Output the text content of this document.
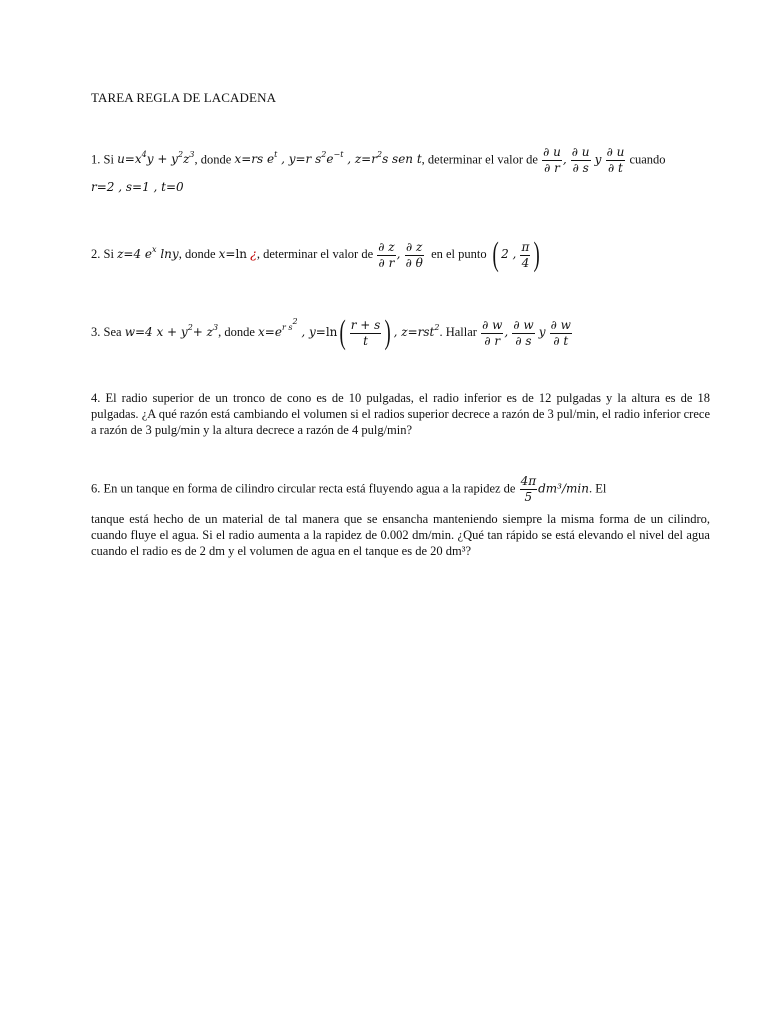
TAREA REGLA DE LACADENA
1. Si $u=x^4y + y^2z^3$, donde x=rs $e^t$ , y=r $s^2e^{-t}$ , $z=r^2s$ sen t, determinar el valor de $\frac{\partial u}{\partial r}$ , $\frac{\partial u}{\partial s}$ y $\frac{\partial u}{\partial t}$ cuando
r=2 , s=1 , t=0
2. Si z=4 $e^x$ lny, donde x=ln ¿, determinar el valor de $\frac{\partial z}{\partial r}$ , $\frac{\partial z}{\partial \theta}$ en el punto ( 2 , $\frac{\pi}{4}$ )
3. Sea w=4 $x + y^2+ z^3$, donde $x=e^{r s^2}$ , $y=\ln( \frac{r + s}{t}$ ) , z=rst$^2$. Hallar $\frac{\partial w}{\partial r}$ , $\frac{\partial w}{\partial s}$ y $\frac{\partial w}{\partial t}$
4. El radio superior de un tronco de cono es de 10 pulgadas, el radio inferior es de 12 pulgadas y la altura es de 18 pulgadas. ¿A qué razón está cambiando el volumen si el radios superior decrece a razón de 3 pul/min, el radio inferior crece a razón de 3 pulg/min y la altura decrece a razón de 4 pulg/min?
6. En un tanque en forma de cilindro circular recta está fluyendo agua a la rapidez de $\frac{4\pi}{5} dm^3/\min$. El
tanque está hecho de un material de tal manera que se ensancha manteniendo siempre la misma forma de un cilindro, cuando fluye el agua. Si el radio aumenta a la rapidez de 0.002 dm/min. ¿Qué tan rápido se está elevando el nivel del agua cuando el radio es de 2 dm y el volumen de agua en el tanque es de 20 dm³?
